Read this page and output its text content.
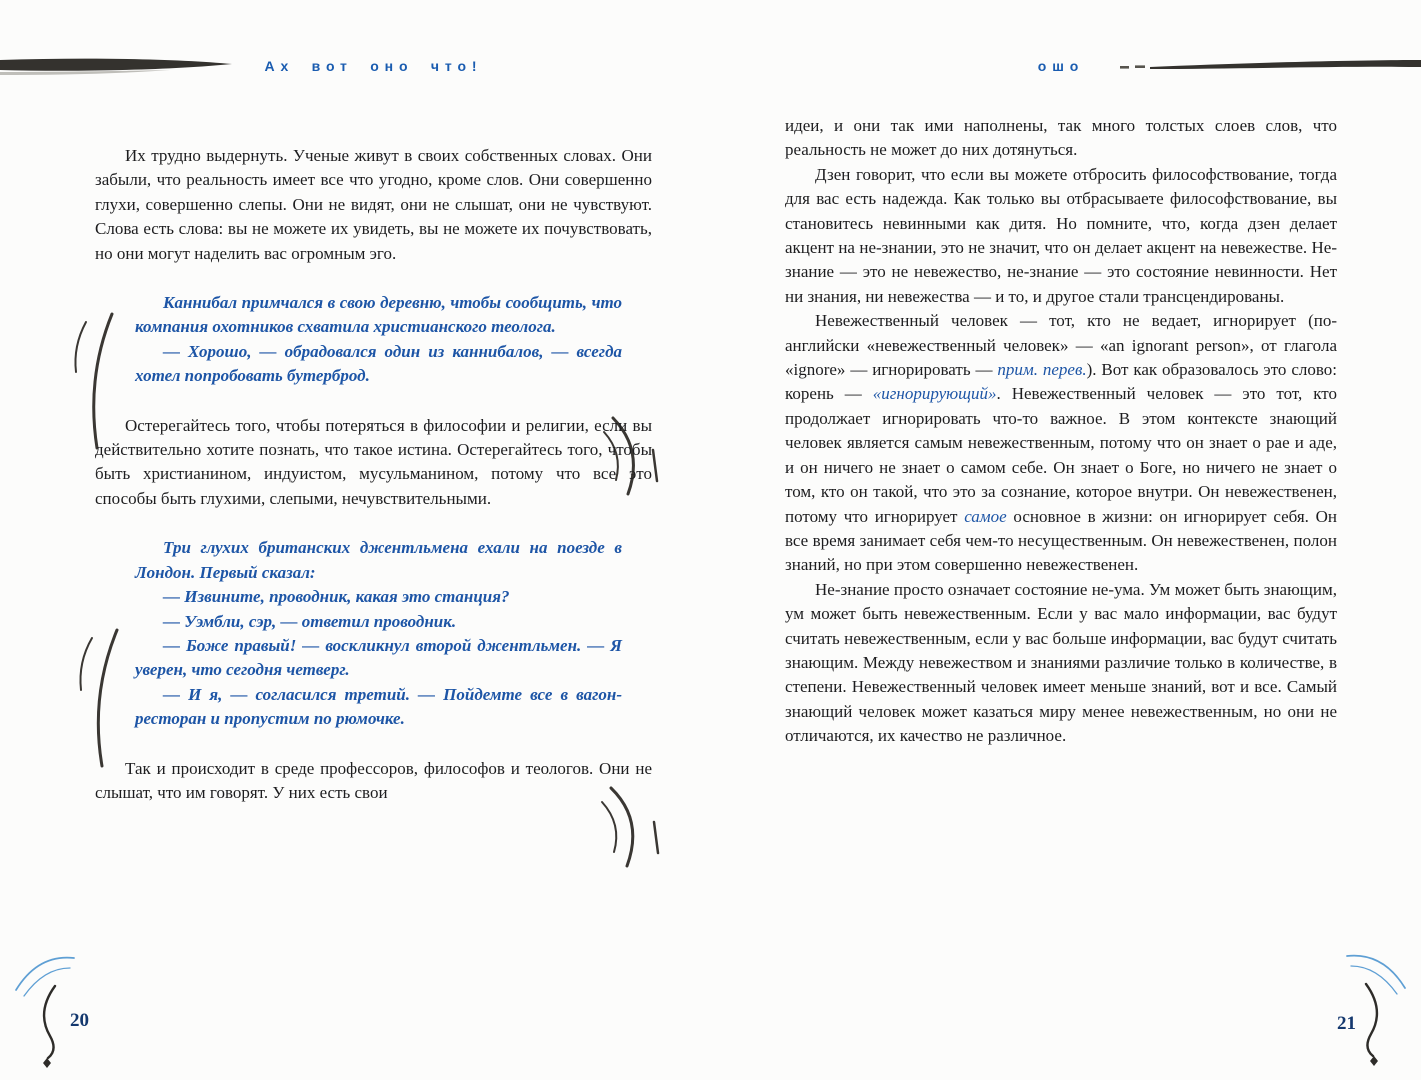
Ах вот оно что!	ошо

Их трудно выдернуть. Ученые живут в своих собственных словах. Они забыли, что реальность имеет все что угодно, кроме слов. Они совершенно глухи, совершенно слепы. Они не видят, они не слышат, они не чувствуют. Слова есть слова: вы не можете их увидеть, вы не можете их почувствовать, но они могут наделить вас огромным эго.

Каннибал примчался в свою деревню, чтобы сообщить, что компания охотников схватила христианского теолога.

— Хорошо, — обрадовался один из каннибалов, — всегда хотел попробовать бутерброд.

Остерегайтесь того, чтобы потеряться в философии и религии, если вы действительно хотите познать, что такое истина. Остерегайтесь того, чтобы быть христианином, индуистом, мусульманином, потому что все это способы быть глухими, слепыми, нечувствительными.

Три глухих британских джентльмена ехали на поезде в Лондон. Первый сказал:

— Извините, проводник, какая это станция?

— Уэмбли, сэр, — ответил проводник.

— Боже правый! — воскликнул второй джентльмен. — Я уверен, что сегодня четверг.

— И я, — согласился третий. — Пойдемте все в вагон-ресторан и пропустим по рюмочке.

Так и происходит в среде профессоров, философов и теологов. Они не слышат, что им говорят. У них есть свои

идеи, и они так ими наполнены, так много толстых слоев слов, что реальность не может до них дотянуться.

Дзен говорит, что если вы можете отбросить философствование, тогда для вас есть надежда. Как только вы отбрасываете философствование, вы становитесь невинными как дитя. Но помните, что, когда дзен делает акцент на не-знании, это не значит, что он делает акцент на невежестве. Не-знание — это не невежество, не-знание — это состояние невинности. Нет ни знания, ни невежества — и то, и другое стали трансцендированы.

Невежественный человек — тот, кто не ведает, игнорирует (по-английски «невежественный человек» — «an ignorant person», от глагола «ignore» — игнорировать — прим. перев.). Вот как образовалось это слово: корень — «игнорирующий». Невежественный человек — это тот, кто продолжает игнорировать что-то важное. В этом контексте знающий человек является самым невежественным, потому что он знает о рае и аде, и он ничего не знает о самом себе. Он знает о Боге, но ничего не знает о том, кто он такой, что это за сознание, которое внутри. Он невежественен, потому что игнорирует самое основное в жизни: он игнорирует себя. Он все время занимает себя чем-то несущественным. Он невежественен, полон знаний, но при этом совершенно невежественен.

Не-знание просто означает состояние не-ума. Ум может быть знающим, ум может быть невежественным. Если у вас мало информации, вас будут считать невежественным, если у вас больше информации, вас будут считать знающим. Между невежеством и знаниями различие только в количестве, в степени. Невежественный человек имеет меньше знаний, вот и все. Самый знающий человек может казаться миру менее невежественным, но они не отличаются, их качество не различное.

20	21
